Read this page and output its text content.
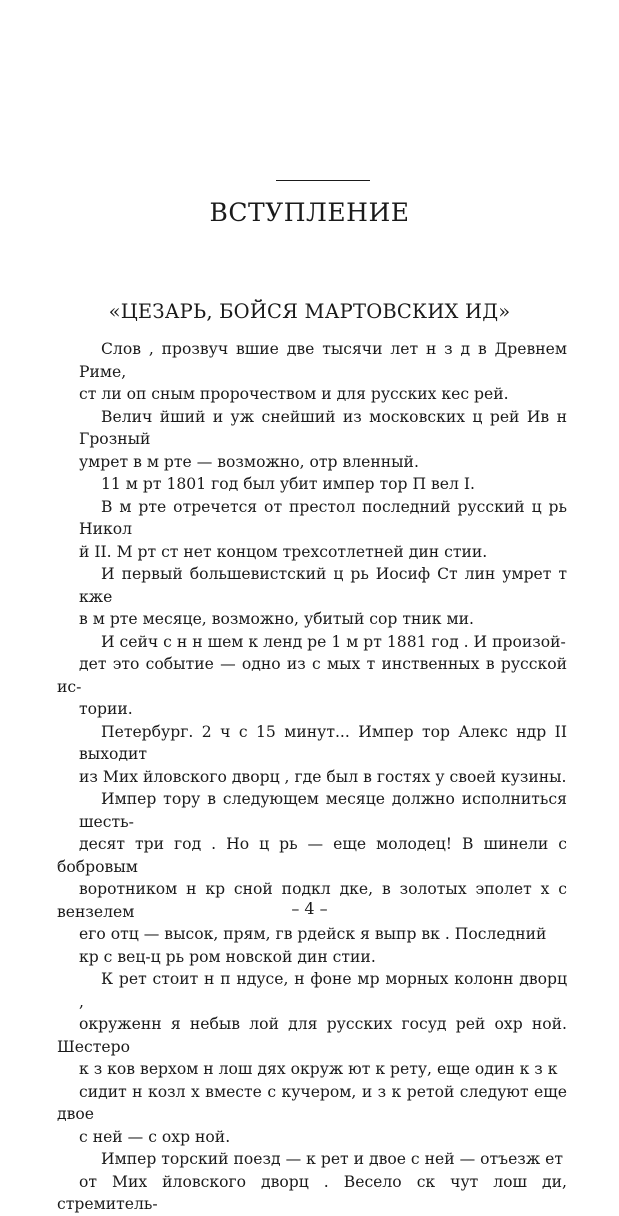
ВСТУПЛЕНИЕ
«ЦЕЗАРЬ, БОЙСЯ МАРТОВСКИХ ИД»

Слов , прозвуч вшие две тысячи лет н з д в Древнем Риме,
ст ли оп сным пророчеством и для русских кес рей.

Велич йший и уж снейший из московских ц рей Ив н Грозный
умрет в м рте — возможно, отр вленный.

11 м рт 1801 год был убит импер тор П вел I.

В м рте отречется от престол последний русский ц рь Никол
й II. М рт ст нет концом трехсотлетней дин стии.

И первый большевистский ц рь Иосиф Ст лин умрет т кже
в м рте месяце, возможно, убитый сор тник ми.

И сейч с н н шем к ленд ре 1 м рт 1881 год . И произой-
дет это событие — одно из с мых т инственных в русской ис-
тории.

Петербург. 2 ч с 15 минут... Импер тор Алекс ндр II выходит
из Мих йловского дворц , где был в гостях у своей кузины.

Импер тору в следующем месяце должно исполниться шесть-
десят три год . Но ц рь — еще молодец! В шинели с бобровым
воротником н кр сной подкл дке, в золотых эполет х с вензелем
его отц — высок, прям, гв рдейск я выпр вк . Последний
кр с вец-ц рь ром новской дин стии.

К рет стоит н п ндусе, н фоне мр морных колонн дворц ,
окруженн я небыв лой для русских госуд рей охр ной. Шестеро
к з ков верхом н лош дях окруж ют к рету, еще один к з к
сидит н козл х вместе с кучером, и з к ретой следуют еще двое
с ней — с охр ной.

Импер торский поезд — к рет и двое с ней — отъезж ет
от Мих йловского дворц . Весело ск чут лош ди, стремитель-

– 4 –
